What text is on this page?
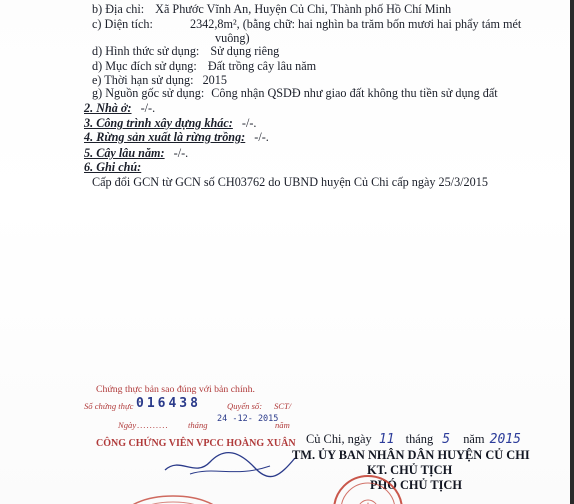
b) Địa chỉ: Xã Phước Vĩnh An, Huyện Củ Chi, Thành phố Hồ Chí Minh
c) Diện tích:	2342,8m², (bằng chữ: hai nghìn ba trăm bốn mươi hai phẩy tám mét
vuông)
d) Hình thức sử dụng: Sử dụng riêng
d) Mục đích sử dụng: Đất trồng cây lâu năm
e) Thời hạn sử dụng: 2015
g) Nguồn gốc sử dụng: Công nhận QSDĐ như giao đất không thu tiền sử dụng đất
2. Nhà ở: -/-.
3. Công trình xây dựng khác: -/-.
4. Rừng sản xuất là rừng trồng: -/-.
5. Cây lâu năm: -/-.
6. Ghi chú:
Cấp đổi GCN từ GCN số CH03762 do UBND huyện Củ Chi cấp ngày 25/3/2015
Chứng thực bản sao đúng với bản chính.
Số chứng thực 016438	Quyển số: SCT/
24 -12- 2015
Ngày .......... tháng	năm
CÔNG CHỨNG VIÊN VPCC HOÀNG XUÂN Củ Chi, ngày 11 tháng 5 năm 2015
TM. ỦY BAN NHÂN DÂN HUYỆN CỦ CHI
KT. CHỦ TỊCH
PHÓ CHỦ TỊCH
